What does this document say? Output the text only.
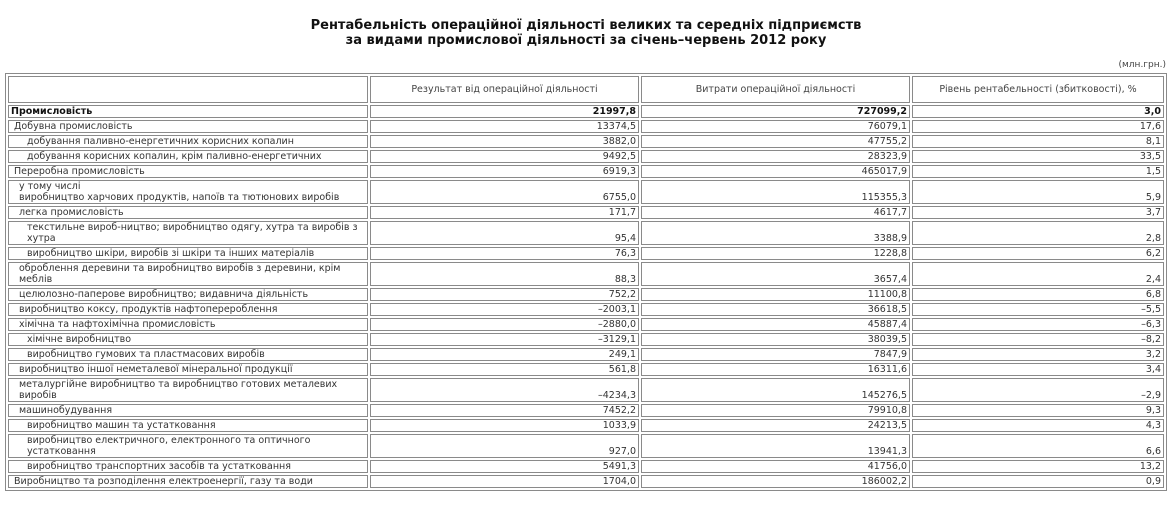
Рентабельність операційної діяльності великих та середніх підприємств
за видами промислової діяльності за січень–червень 2012 року
(млн.грн.)
	Результат від операційної діяльності	Витрати операційної діяльності	Рівень рентабельності (збитковості), %

Промисловість	21997,8	727099,2	3,0

Добувна промисловість	13374,5	76079,1	17,6

добування паливно-енергетичних корисних копалин	3882,0	47755,2	8,1

добування корисних копалин, крім паливно-енергетичних	9492,5	28323,9	33,5

Переробна промисловість	6919,3	465017,9	1,5

у тому числі
виробництво харчових продуктів, напоїв та тютюнових виробів	6755,0	115355,3	5,9

легка промисловість	171,7	4617,7	3,7

текстильне вироб-ництво; виробництво одягу, хутра та виробів з хутра	95,4	3388,9	2,8

виробництво шкіри, виробів зі шкіри та інших матеріалів	76,3	1228,8	6,2

оброблення деревини та виробництво виробів з деревини, крім меблів	88,3	3657,4	2,4

целюлозно-паперове виробництво; видавнича діяльність	752,2	11100,8	6,8

виробництво коксу, продуктів нафтоперероблення	–2003,1	36618,5	–5,5

хімічна та нафтохімічна промисловість	–2880,0	45887,4	–6,3

хімічне виробництво	–3129,1	38039,5	–8,2

виробництво гумових та пластмасових виробів	249,1	7847,9	3,2

виробництво іншої неметалевої мінеральної продукції	561,8	16311,6	3,4

металургійне виробництво та виробництво готових металевих виробів	–4234,3	145276,5	–2,9

машинобудування	7452,2	79910,8	9,3

виробництво машин та устатковання	1033,9	24213,5	4,3

виробництво електричного, електронного та оптичного устатковання	927,0	13941,3	6,6

виробництво транспортних засобів та устатковання	5491,3	41756,0	13,2

Виробництво та розподілення електроенергії, газу та води	1704,0	186002,2	0,9
